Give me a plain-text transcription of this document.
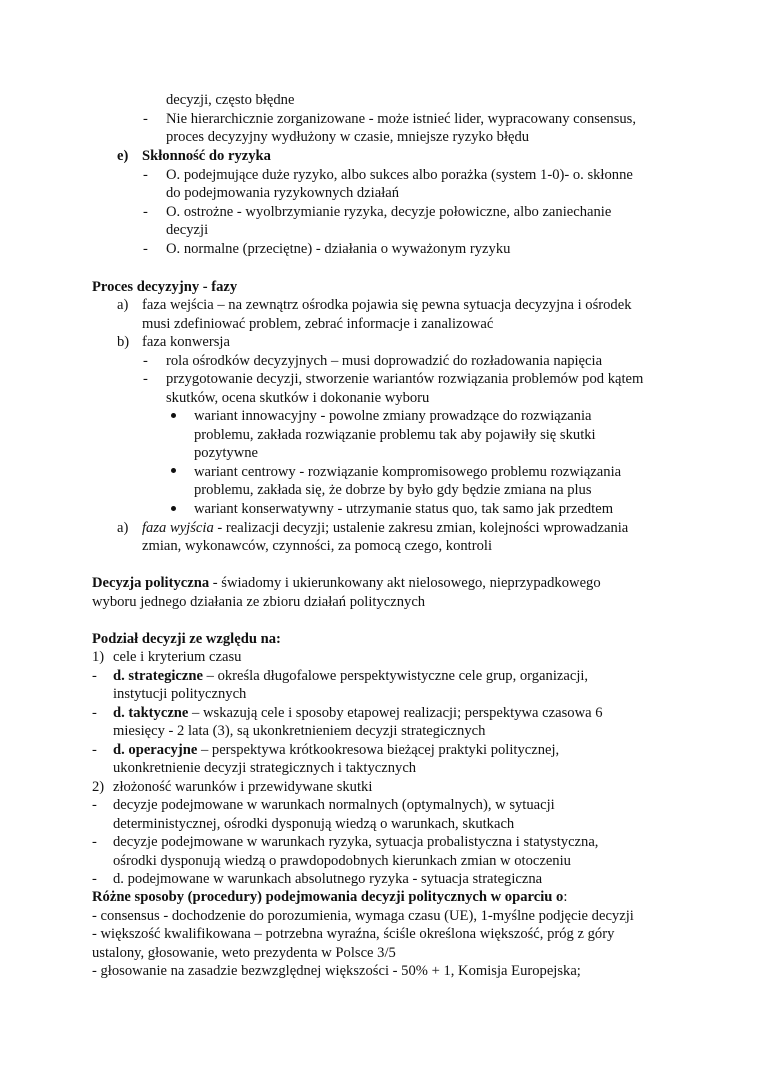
decyzji, często błędne
- Nie hierarchicznie zorganizowane - może istnieć lider, wypracowany consensus,
proces decyzyjny wydłużony w czasie, mniejsze ryzyko błędu
e) Skłonność do ryzyka
- O. podejmujące duże ryzyko, albo sukces albo porażka (system 1-0)- o. skłonne
do podejmowania ryzykownych działań
- O. ostrożne - wyolbrzymianie ryzyka, decyzje połowiczne, albo zaniechanie
decyzji
- O. normalne (przeciętne) - działania o wyważonym ryzyku
Proces decyzyjny - fazy
a) faza wejścia – na zewnątrz ośrodka pojawia się pewna sytuacja decyzyjna i ośrodek
musi zdefiniować problem, zebrać informacje i zanalizować
b) faza konwersja
- rola ośrodków decyzyjnych – musi doprowadzić do rozładowania napięcia
- przygotowanie decyzji, stworzenie wariantów rozwiązania problemów pod kątem
skutków, ocena skutków i dokonanie wyboru
wariant innowacyjny - powolne zmiany prowadzące do rozwiązania
problemu, zakłada rozwiązanie problemu tak aby pojawiły się skutki
pozytywne
wariant centrowy - rozwiązanie kompromisowego problemu rozwiązania
problemu, zakłada się, że dobrze by było gdy będzie zmiana na plus
wariant konserwatywny - utrzymanie status quo, tak samo jak przedtem
a) faza wyjścia - realizacji decyzji; ustalenie zakresu zmian, kolejności wprowadzania
zmian, wykonawców, czynności, za pomocą czego, kontroli
Decyzja polityczna - świadomy i ukierunkowany akt nielosowego, nieprzypadkowego
wyboru jednego działania ze zbioru działań politycznych
Podział decyzji ze względu na:
1) cele i kryterium czasu
- d. strategiczne – określa długofalowe perspektywistyczne cele grup, organizacji,
instytucji politycznych
- d. taktyczne – wskazują cele i sposoby etapowej realizacji; perspektywa czasowa 6
miesięcy - 2 lata (3), są ukonkretnieniem decyzji strategicznych
- d. operacyjne – perspektywa krótkookresowa bieżącej praktyki politycznej,
ukonkretnienie decyzji strategicznych i taktycznych
2) złożoność warunków i przewidywane skutki
- decyzje podejmowane w warunkach normalnych (optymalnych), w sytuacji
deterministycznej, ośrodki dysponują wiedzą o warunkach, skutkach
- decyzje podejmowane w warunkach ryzyka, sytuacja probalistyczna i statystyczna,
ośrodki dysponują wiedzą o prawdopodobnych kierunkach zmian w otoczeniu
- d. podejmowane w warunkach absolutnego ryzyka - sytuacja strategiczna
Różne sposoby (procedury) podejmowania decyzji politycznych w oparciu o:
- consensus - dochodzenie do porozumienia, wymaga czasu (UE), 1-myślne podjęcie decyzji
- większość kwalifikowana – potrzebna wyraźna, ściśle określona większość, próg z góry
ustalony, głosowanie, weto prezydenta w Polsce 3/5
- głosowanie na zasadzie bezwzględnej większości - 50% + 1, Komisja Europejska;
